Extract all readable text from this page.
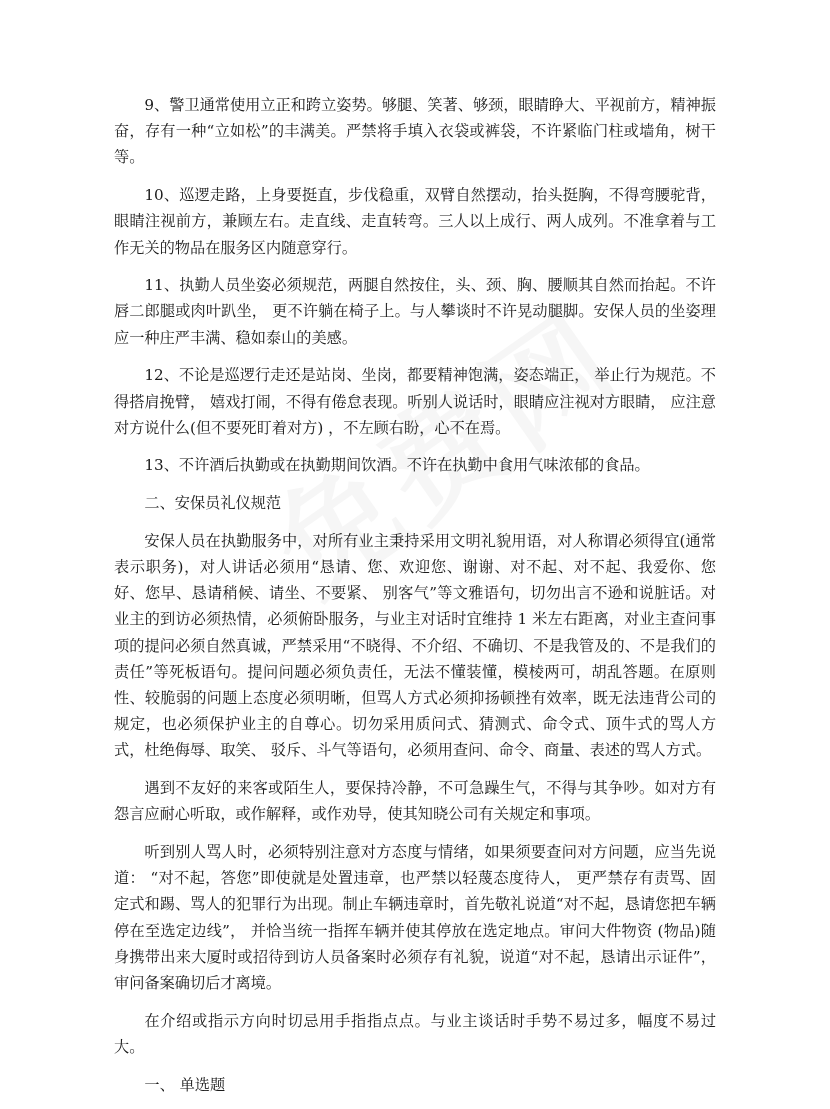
9、警卫通常使用立正和跨立姿势。够腿、笑著、够颈，眼睛睁大、平视前方，精神振奋，存有一种“立如松”的丰满美。严禁将手填入衣袋或裤袋，不许紧临门柱或墙角，树干等。

10、巡逻走路，上身要挺直，步伐稳重，双臂自然摆动，抬头挺胸，不得弯腰驼背，眼睛注视前方，兼顾左右。走直线、走直转弯。三人以上成行、两人成列。不准拿着与工作无关的物品在服务区内随意穿行。

11、执勤人员坐姿必须规范，两腿自然按住，头、颈、胸、腰顺其自然而抬起。不许唇二郎腿或肉叶趴坐， 更不许躺在椅子上。与人攀谈时不许晃动腿脚。安保人员的坐姿理应一种庄严丰满、稳如泰山的美感。

12、不论是巡逻行走还是站岗、坐岗，都要精神饱满，姿态端正， 举止行为规范。不得搭肩挽臂， 嬉戏打闹，不得有倦怠表现。听别人说话时，眼睛应注视对方眼睛， 应注意对方说什么(但不要死盯着对方) ，不左顾右盼，心不在焉。

13、不许酒后执勤或在执勤期间饮酒。不许在执勤中食用气味浓郁的食品。

二、安保员礼仪规范

安保人员在执勤服务中，对所有业主秉持采用文明礼貌用语，对人称谓必须得宜(通常表示职务)，对人讲话必须用“恳请、您、欢迎您、谢谢、对不起、对不起、我爱你、您好、您早、恳请稍候、请坐、不要紧、 别客气”等文雅语句，切勿出言不逊和说脏话。对业主的到访必须热情，必须俯卧服务，与业主对话时宜维持 1 米左右距离，对业主查问事项的提问必须自然真诚，严禁采用“不晓得、不介绍、不确切、不是我管及的、不是我们的责任”等死板语句。提问问题必须负责任，无法不懂装懂，模棱两可，胡乱答题。在原则性、较脆弱的问题上态度必须明晰，但骂人方式必须抑扬顿挫有效率，既无法违背公司的规定，也必须保护业主的自尊心。切勿采用质问式、猜测式、命令式、顶牛式的骂人方式，杜绝侮辱、取笑、 驳斥、斗气等语句，必须用查问、命令、商量、表述的骂人方式。

遇到不友好的来客或陌生人，要保持冷静，不可急躁生气，不得与其争吵。如对方有怨言应耐心听取，或作解释，或作劝导，使其知晓公司有关规定和事项。

听到别人骂人时，必须特别注意对方态度与情绪，如果须要查问对方问题，应当先说道： “对不起，答您”即使就是处置违章，也严禁以轻蔑态度待人， 更严禁存有责骂、固定式和踢、骂人的犯罪行为出现。制止车辆违章时，首先敬礼说道“对不起，恳请您把车辆停在至选定边线”， 并恰当统一指挥车辆并使其停放在选定地点。审问大件物资 (物品)随身携带出来大厦时或招待到访人员备案时必须存有礼貌，说道“对不起，恳请出示证件”， 审问备案确切后才离境。

在介绍或指示方向时切忌用手指指点点。与业主谈话时手势不易过多，幅度不易过大。

一、 单选题
